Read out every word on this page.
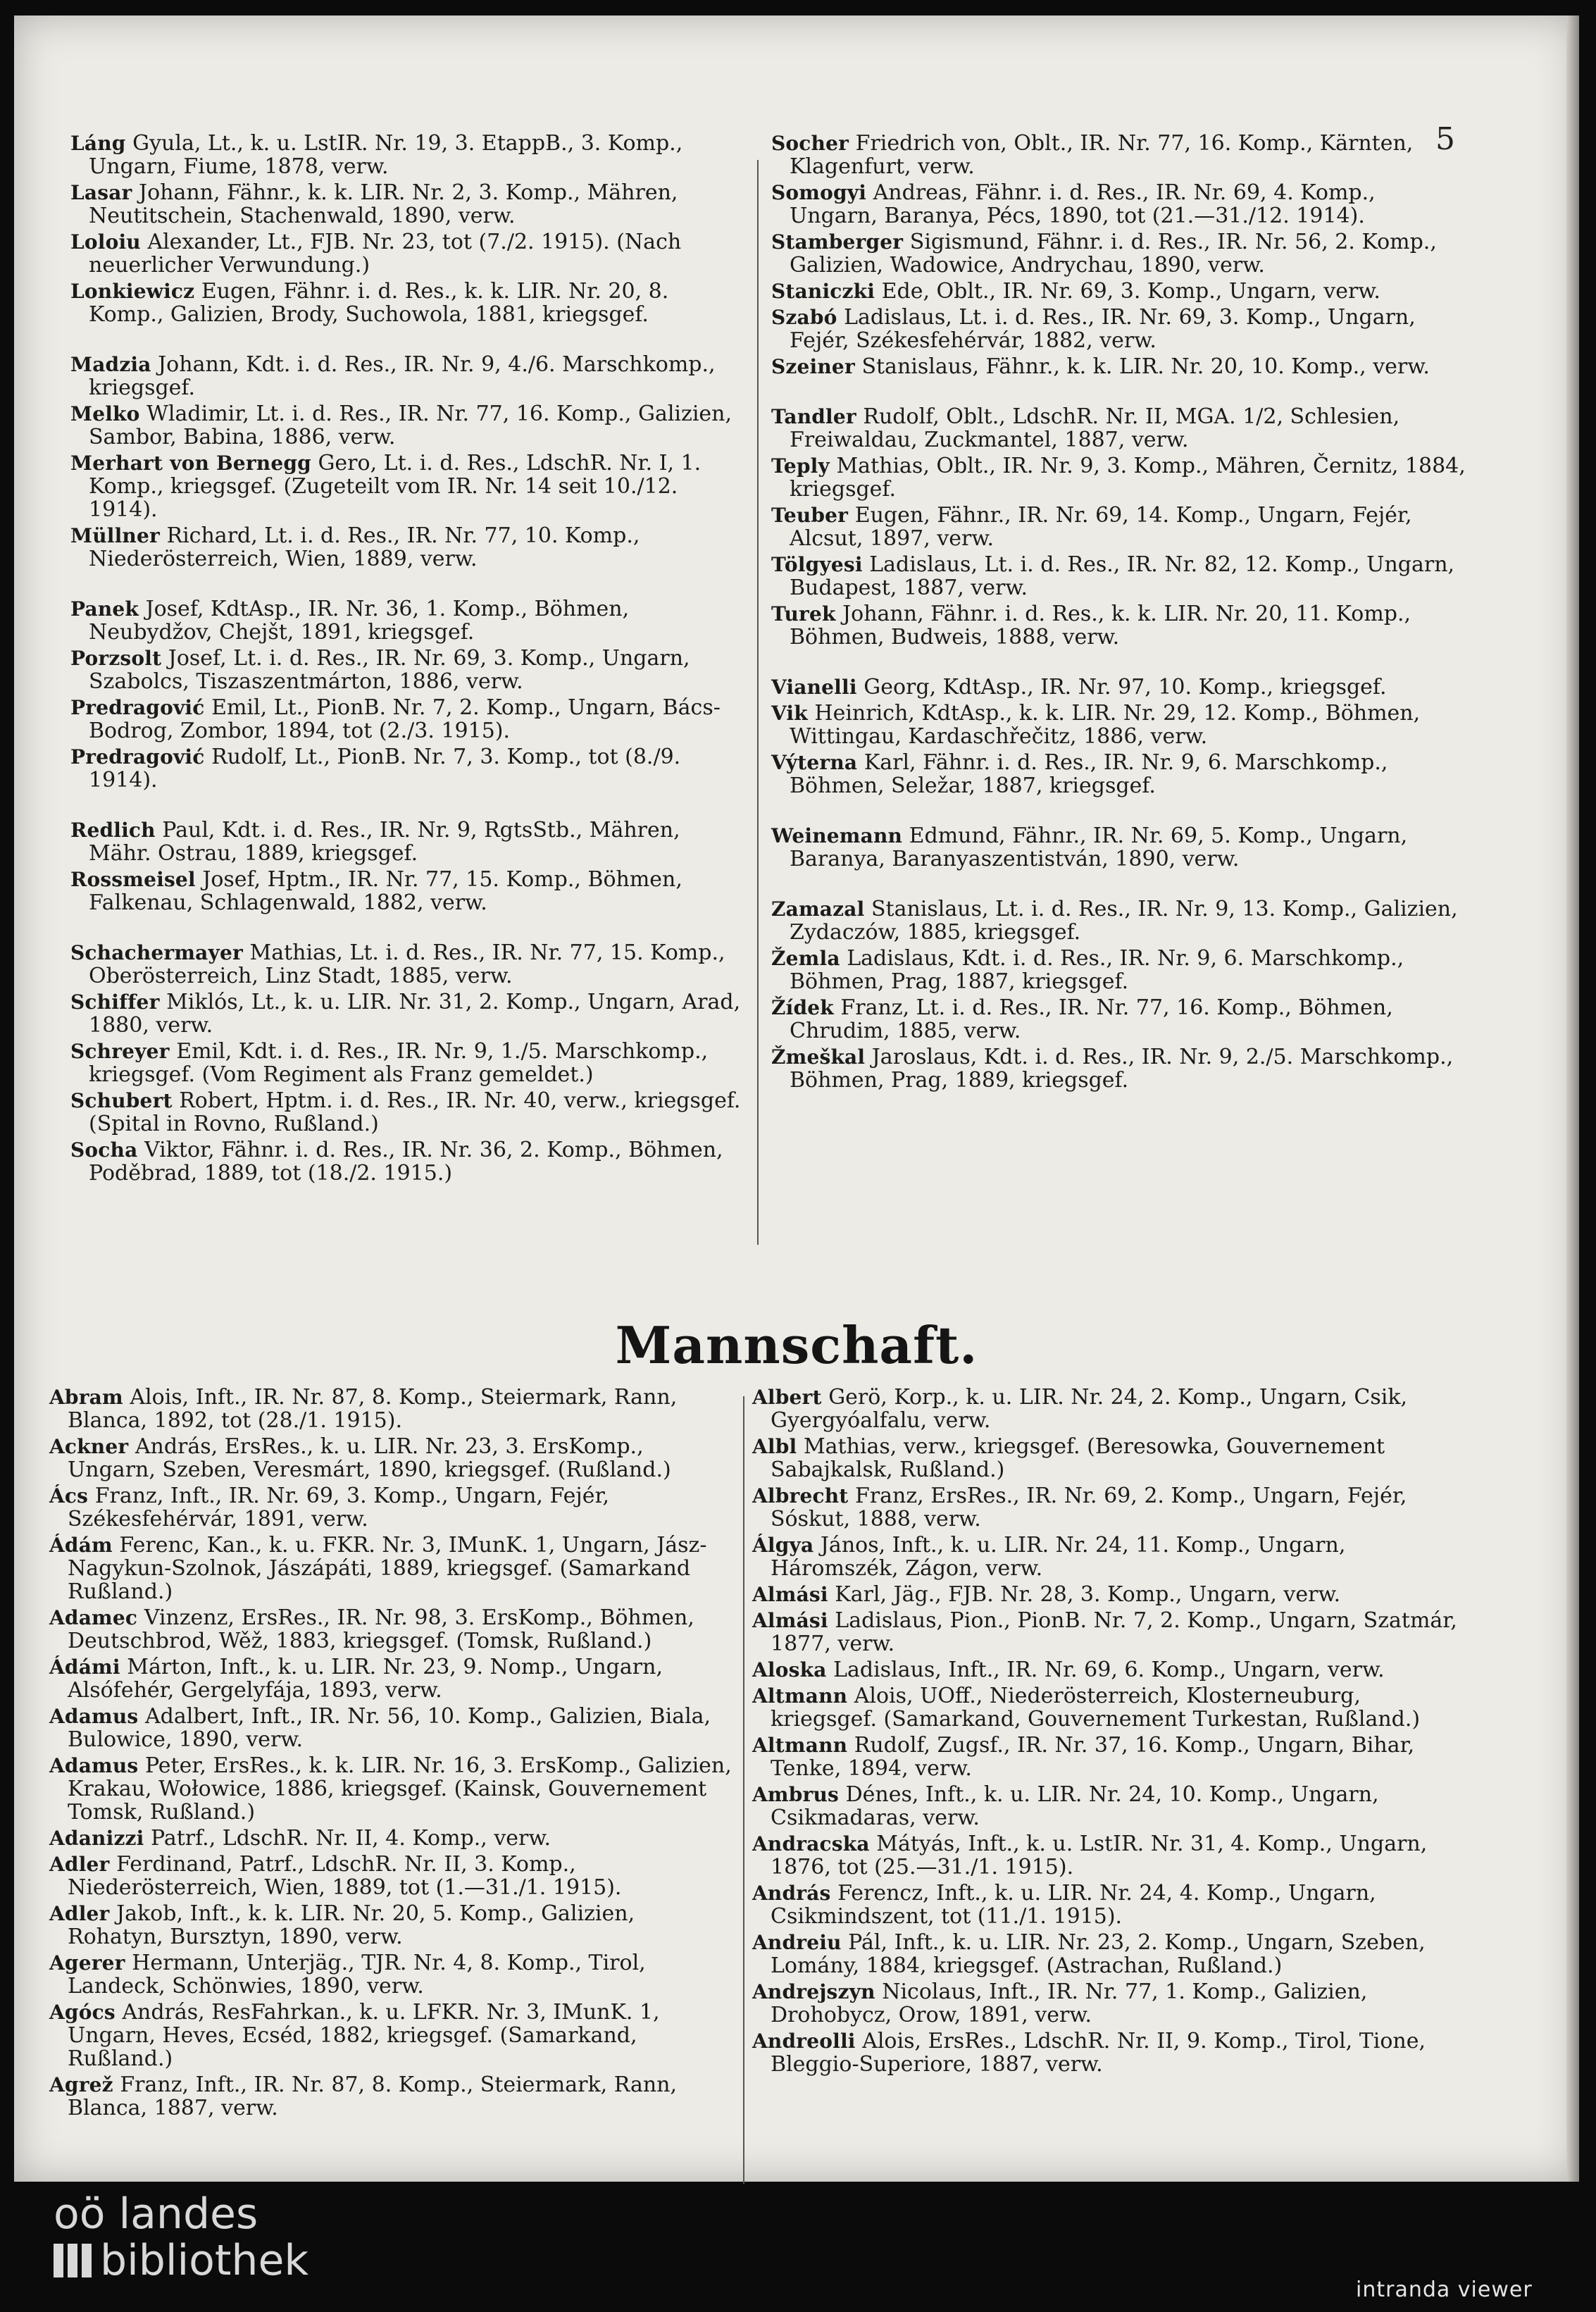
5
Láng Gyula, Lt., k. u. LstIR. Nr. 19, 3. EtappB., 3. Komp., Ungarn, Fiume, 1878, verw.
Lasar Johann, Fähnr., k. k. LIR. Nr. 2, 3. Komp., Mähren, Neutitschein, Stachenwald, 1890, verw.
Loloiu Alexander, Lt., FJB. Nr. 23, tot (7./2. 1915). (Nach neuerlicher Verwundung.)
Lonkiewicz Eugen, Fähnr. i. d. Res., k. k. LIR. Nr. 20, 8. Komp., Galizien, Brody, Suchowola, 1881, kriegsgef.
Madzia Johann, Kdt. i. d. Res., IR. Nr. 9, 4./6. Marschkomp., kriegsgef.
Melko Wladimir, Lt. i. d. Res., IR. Nr. 77, 16. Komp., Galizien, Sambor, Babina, 1886, verw.
Merhart von Bernegg Gero, Lt. i. d. Res., LdschR. Nr. I, 1. Komp., kriegsgef. (Zugeteilt vom IR. Nr. 14 seit 10./12. 1914).
Müllner Richard, Lt. i. d. Res., IR. Nr. 77, 10. Komp., Niederösterreich, Wien, 1889, verw.
Panek Josef, KdtAsp., IR. Nr. 36, 1. Komp., Böhmen, Neubydžov, Chejšt, 1891, kriegsgef.
Porzsolt Josef, Lt. i. d. Res., IR. Nr. 69, 3. Komp., Ungarn, Szabolcs, Tiszaszentmárton, 1886, verw.
Predragović Emil, Lt., PionB. Nr. 7, 2. Komp., Ungarn, Bács-Bodrog, Zombor, 1894, tot (2./3. 1915).
Predragović Rudolf, Lt., PionB. Nr. 7, 3. Komp., tot (8./9. 1914).
Redlich Paul, Kdt. i. d. Res., IR. Nr. 9, RgtsStb., Mähren, Mähr. Ostrau, 1889, kriegsgef.
Rossmeisel Josef, Hptm., IR. Nr. 77, 15. Komp., Böhmen, Falkenau, Schlagenwald, 1882, verw.
Schachermayer Mathias, Lt. i. d. Res., IR. Nr. 77, 15. Komp., Oberösterreich, Linz Stadt, 1885, verw.
Schiffer Miklós, Lt., k. u. LIR. Nr. 31, 2. Komp., Ungarn, Arad, 1880, verw.
Schreyer Emil, Kdt. i. d. Res., IR. Nr. 9, 1./5. Marschkomp., kriegsgef. (Vom Regiment als Franz gemeldet.)
Schubert Robert, Hptm. i. d. Res., IR. Nr. 40, verw., kriegsgef. (Spital in Rovno, Rußland.)
Socha Viktor, Fähnr. i. d. Res., IR. Nr. 36, 2. Komp., Böhmen, Poděbrad, 1889, tot (18./2. 1915.)
Socher Friedrich von, Oblt., IR. Nr. 77, 16. Komp., Kärnten, Klagenfurt, verw.
Somogyi Andreas, Fähnr. i. d. Res., IR. Nr. 69, 4. Komp., Ungarn, Baranya, Pécs, 1890, tot (21.—31./12. 1914).
Stamberger Sigismund, Fähnr. i. d. Res., IR. Nr. 56, 2. Komp., Galizien, Wadowice, Andrychau, 1890, verw.
Staniczki Ede, Oblt., IR. Nr. 69, 3. Komp., Ungarn, verw.
Szabó Ladislaus, Lt. i. d. Res., IR. Nr. 69, 3. Komp., Ungarn, Fejér, Székesfehérvár, 1882, verw.
Szeiner Stanislaus, Fähnr., k. k. LIR. Nr. 20, 10. Komp., verw.
Tandler Rudolf, Oblt., LdschR. Nr. II, MGA. 1/2, Schlesien, Freiwaldau, Zuckmantel, 1887, verw.
Teply Mathias, Oblt., IR. Nr. 9, 3. Komp., Mähren, Černitz, 1884, kriegsgef.
Teuber Eugen, Fähnr., IR. Nr. 69, 14. Komp., Ungarn, Fejér, Alcsut, 1897, verw.
Tölgyesi Ladislaus, Lt. i. d. Res., IR. Nr. 82, 12. Komp., Ungarn, Budapest, 1887, verw.
Turek Johann, Fähnr. i. d. Res., k. k. LIR. Nr. 20, 11. Komp., Böhmen, Budweis, 1888, verw.
Vianelli Georg, KdtAsp., IR. Nr. 97, 10. Komp., kriegsgef.
Vik Heinrich, KdtAsp., k. k. LIR. Nr. 29, 12. Komp., Böhmen, Wittingau, Kardaschřečitz, 1886, verw.
Výterna Karl, Fähnr. i. d. Res., IR. Nr. 9, 6. Marschkomp., Böhmen, Seležar, 1887, kriegsgef.
Weinemann Edmund, Fähnr., IR. Nr. 69, 5. Komp., Ungarn, Baranya, Baranyaszentistván, 1890, verw.
Zamazal Stanislaus, Lt. i. d. Res., IR. Nr. 9, 13. Komp., Galizien, Zydaczów, 1885, kriegsgef.
Žemla Ladislaus, Kdt. i. d. Res., IR. Nr. 9, 6. Marschkomp., Böhmen, Prag, 1887, kriegsgef.
Žídek Franz, Lt. i. d. Res., IR. Nr. 77, 16. Komp., Böhmen, Chrudim, 1885, verw.
Žmeškal Jaroslaus, Kdt. i. d. Res., IR. Nr. 9, 2./5. Marschkomp., Böhmen, Prag, 1889, kriegsgef.
Mannschaft.
Abram Alois, Inft., IR. Nr. 87, 8. Komp., Steiermark, Rann, Blanca, 1892, tot (28./1. 1915).
Ackner András, ErsRes., k. u. LIR. Nr. 23, 3. ErsKomp., Ungarn, Szeben, Veresmárt, 1890, kriegsgef. (Rußland.)
Ács Franz, Inft., IR. Nr. 69, 3. Komp., Ungarn, Fejér, Székesfehérvár, 1891, verw.
Ádám Ferenc, Kan., k. u. FKR. Nr. 3, IMunK. 1, Ungarn, Jász-Nagykun-Szolnok, Jászápáti, 1889, kriegsgef. (Samarkand Rußland.)
Adamec Vinzenz, ErsRes., IR. Nr. 98, 3. ErsKomp., Böhmen, Deutschbrod, Wěž, 1883, kriegsgef. (Tomsk, Rußland.)
Ádámi Márton, Inft., k. u. LIR. Nr. 23, 9. Nomp., Ungarn, Alsófehér, Gergelyfája, 1893, verw.
Adamus Adalbert, Inft., IR. Nr. 56, 10. Komp., Galizien, Biala, Bulowice, 1890, verw.
Adamus Peter, ErsRes., k. k. LIR. Nr. 16, 3. ErsKomp., Galizien, Krakau, Wołowice, 1886, kriegsgef. (Kainsk, Gouvernement Tomsk, Rußland.)
Adanizzi Patrf., LdschR. Nr. II, 4. Komp., verw.
Adler Ferdinand, Patrf., LdschR. Nr. II, 3. Komp., Niederösterreich, Wien, 1889, tot (1.—31./1. 1915).
Adler Jakob, Inft., k. k. LIR. Nr. 20, 5. Komp., Galizien, Rohatyn, Bursztyn, 1890, verw.
Agerer Hermann, Unterjäg., TJR. Nr. 4, 8. Komp., Tirol, Landeck, Schönwies, 1890, verw.
Agócs András, ResFahrkan., k. u. LFKR. Nr. 3, IMunK. 1, Ungarn, Heves, Ecséd, 1882, kriegsgef. (Samarkand, Rußland.)
Agrež Franz, Inft., IR. Nr. 87, 8. Komp., Steiermark, Rann, Blanca, 1887, verw.
Albert Gerö, Korp., k. u. LIR. Nr. 24, 2. Komp., Ungarn, Csik, Gyergyóalfalu, verw.
Albl Mathias, verw., kriegsgef. (Beresowka, Gouvernement Sabajkalsk, Rußland.)
Albrecht Franz, ErsRes., IR. Nr. 69, 2. Komp., Ungarn, Fejér, Sóskut, 1888, verw.
Álgya János, Inft., k. u. LIR. Nr. 24, 11. Komp., Ungarn, Háromszék, Zágon, verw.
Almási Karl, Jäg., FJB. Nr. 28, 3. Komp., Ungarn, verw.
Almási Ladislaus, Pion., PionB. Nr. 7, 2. Komp., Ungarn, Szatmár, 1877, verw.
Aloska Ladislaus, Inft., IR. Nr. 69, 6. Komp., Ungarn, verw.
Altmann Alois, UOff., Niederösterreich, Klosterneuburg, kriegsgef. (Samarkand, Gouvernement Turkestan, Rußland.)
Altmann Rudolf, Zugsf., IR. Nr. 37, 16. Komp., Ungarn, Bihar, Tenke, 1894, verw.
Ambrus Dénes, Inft., k. u. LIR. Nr. 24, 10. Komp., Ungarn, Csikmadaras, verw.
Andracska Mátyás, Inft., k. u. LstIR. Nr. 31, 4. Komp., Ungarn, 1876, tot (25.—31./1. 1915).
András Ferencz, Inft., k. u. LIR. Nr. 24, 4. Komp., Ungarn, Csikmindszent, tot (11./1. 1915).
Andreiu Pál, Inft., k. u. LIR. Nr. 23, 2. Komp., Ungarn, Szeben, Lomány, 1884, kriegsgef. (Astrachan, Rußland.)
Andrejszyn Nicolaus, Inft., IR. Nr. 77, 1. Komp., Galizien, Drohobycz, Orow, 1891, verw.
Andreolli Alois, ErsRes., LdschR. Nr. II, 9. Komp., Tirol, Tione, Bleggio-Superiore, 1887, verw.
oö landes
bibliothek
intranda viewer
